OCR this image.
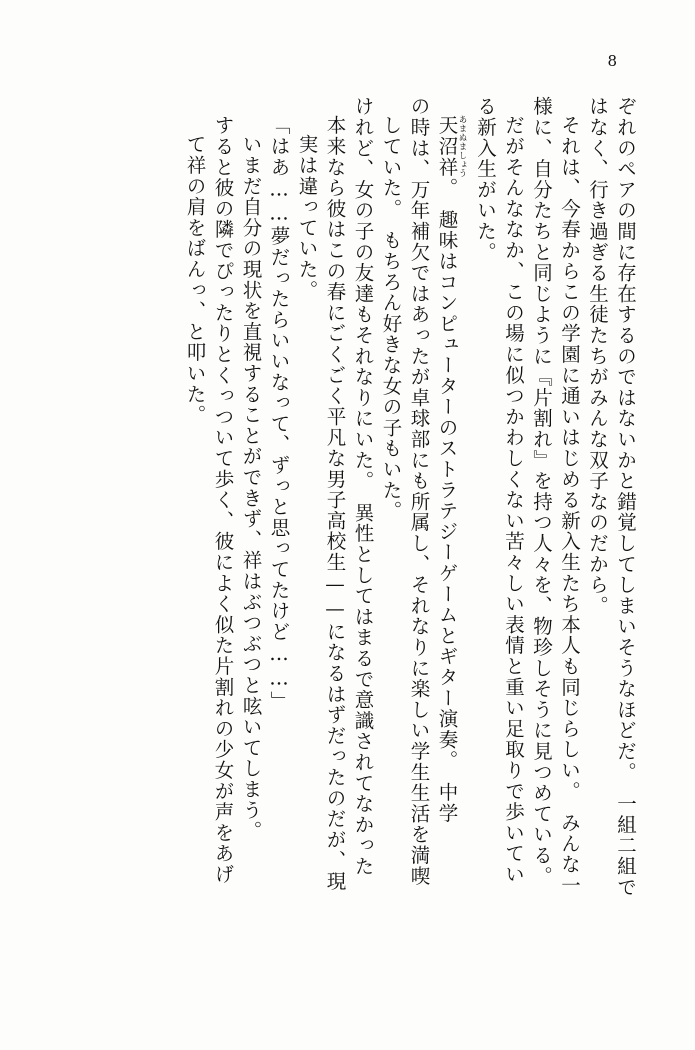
8
ぞれのペアの間に存在するのではないかと錯覚してしまいそうなほどだ。　一組二組で
はなく、行き過ぎる生徒たちがみんな双子なのだから。
それは、今春からこの学園に通いはじめる新入生たち本人も同じらしい。　みんな一
様に、自分たちと同じように『片割れ』を持つ人々を、物珍しそうに見つめている。
だがそんななか、この場に似つかわしくない苦々しい表情と重い足取りで歩いてい
る新入生がいた。
天沼祥あまぬましょう。　趣味はコンピューターのストラテジーゲームとギター演奏。　中学
の時は、万年補欠ではあったが卓球部にも所属し、それなりに楽しい学生生活を満喫
していた。　もちろん好きな女の子もいた。
けれど、女の子の友達もそれなりにいた。　異性としてはまるで意識されてなかった
本来なら彼はこの春にごくごく平凡な男子高校生——になるはずだったのだが、現
実は違っていた。
「はあ……夢だったらいいなって、ずっと思ってたけど……」
いまだ自分の現状を直視することができず、祥はぶつぶつと呟いてしまう。
すると彼の隣でぴったりとくっついて歩く、彼によく似た片割れの少女が声をあげ
て祥の肩をばんっ、と叩いた。
